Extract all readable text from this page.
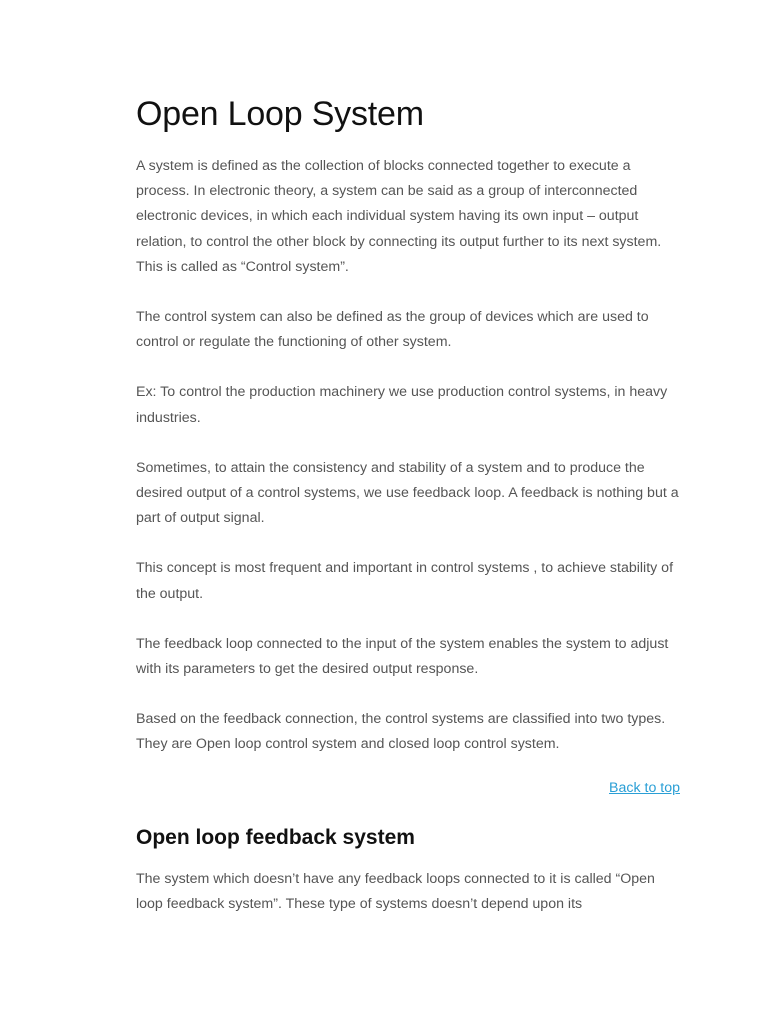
Open Loop System

A system is defined as the collection of blocks connected together to execute a process. In electronic theory, a system can be said as a group of interconnected electronic devices, in which each individual system having its own input – output relation, to control the other block by connecting its output further to its next system. This is called as “Control system”.

The control system can also be defined as the group of devices which are used to control or regulate the functioning of other system.

Ex: To control the production machinery we use production control systems, in heavy industries.

Sometimes, to attain the consistency and stability of a system and to produce the desired output of a control systems, we use feedback loop. A feedback is nothing but a part of output signal.

This concept is most frequent and important in control systems , to achieve stability of the output.

The feedback loop connected to the input of the system enables the system to adjust with its parameters to get the desired output response.

Based on the feedback connection, the control systems are classified into two types. They are Open loop control system and closed loop control system.

Back to top
Open loop feedback system

The system which doesn’t have any feedback loops connected to it is called “Open loop feedback system”. These type of systems doesn’t depend upon its
